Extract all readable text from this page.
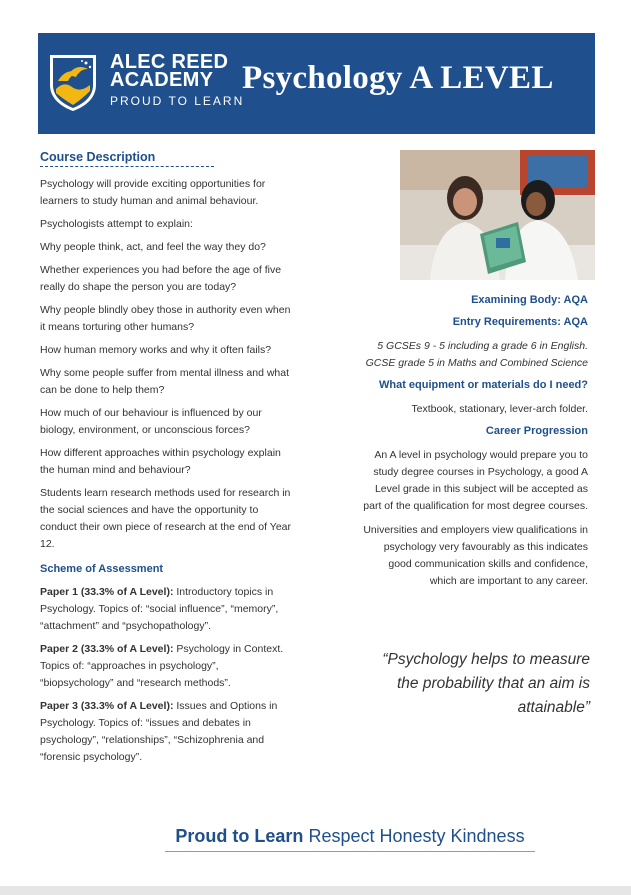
ALEC REED
ACADEMY
PROUD TO LEARN
Psychology A LEVEL
Course Description

Psychology will provide exciting opportunities for learners to study human and animal behaviour.

Psychologists attempt to explain:

Why people think, act, and feel the way they do?

Whether experiences you had before the age of five really do shape the person you are today?

Why people blindly obey those in authority even when it means torturing other humans?

How human memory works and why it often fails?

Why some people suffer from mental illness and what can be done to help them?

How much of our behaviour is influenced by our biology, environment, or unconscious forces?

How different approaches within psychology explain the human mind and behaviour?

Students learn research methods used for research in the social sciences and have the opportunity to conduct their own piece of research at the end of Year 12.

Scheme of Assessment

Paper 1 (33.3% of A Level): Introductory topics in Psychology. Topics of: “social influence”, “memory”, “attachment” and “psychopathology”.

Paper 2 (33.3% of A Level): Psychology in Context. Topics of: “approaches in psychology”, “biopsychology” and “research methods”.

Paper 3 (33.3% of A Level): Issues and Options in Psychology. Topics of: “issues and debates in psychology”, “relationships”, “Schizophrenia and “forensic psychology”.

Examining Body: AQA
Entry Requirements: AQA

5 GCSEs 9 - 5 including a grade 6 in English. GCSE grade 5 in Maths and Combined Science

What equipment or materials do I need?

Textbook, stationary, lever-arch folder.

Career Progression

An A level in psychology would prepare you to study degree courses in Psychology, a good A Level grade in this subject will be accepted as part of the qualification for most degree courses.

Universities and employers view qualifications in psychology very favourably as this indicates good communication skills and confidence, which are important to any career.

“Psychology helps to measure the probability that an aim is attainable”
Proud to Learn Respect Honesty Kindness
